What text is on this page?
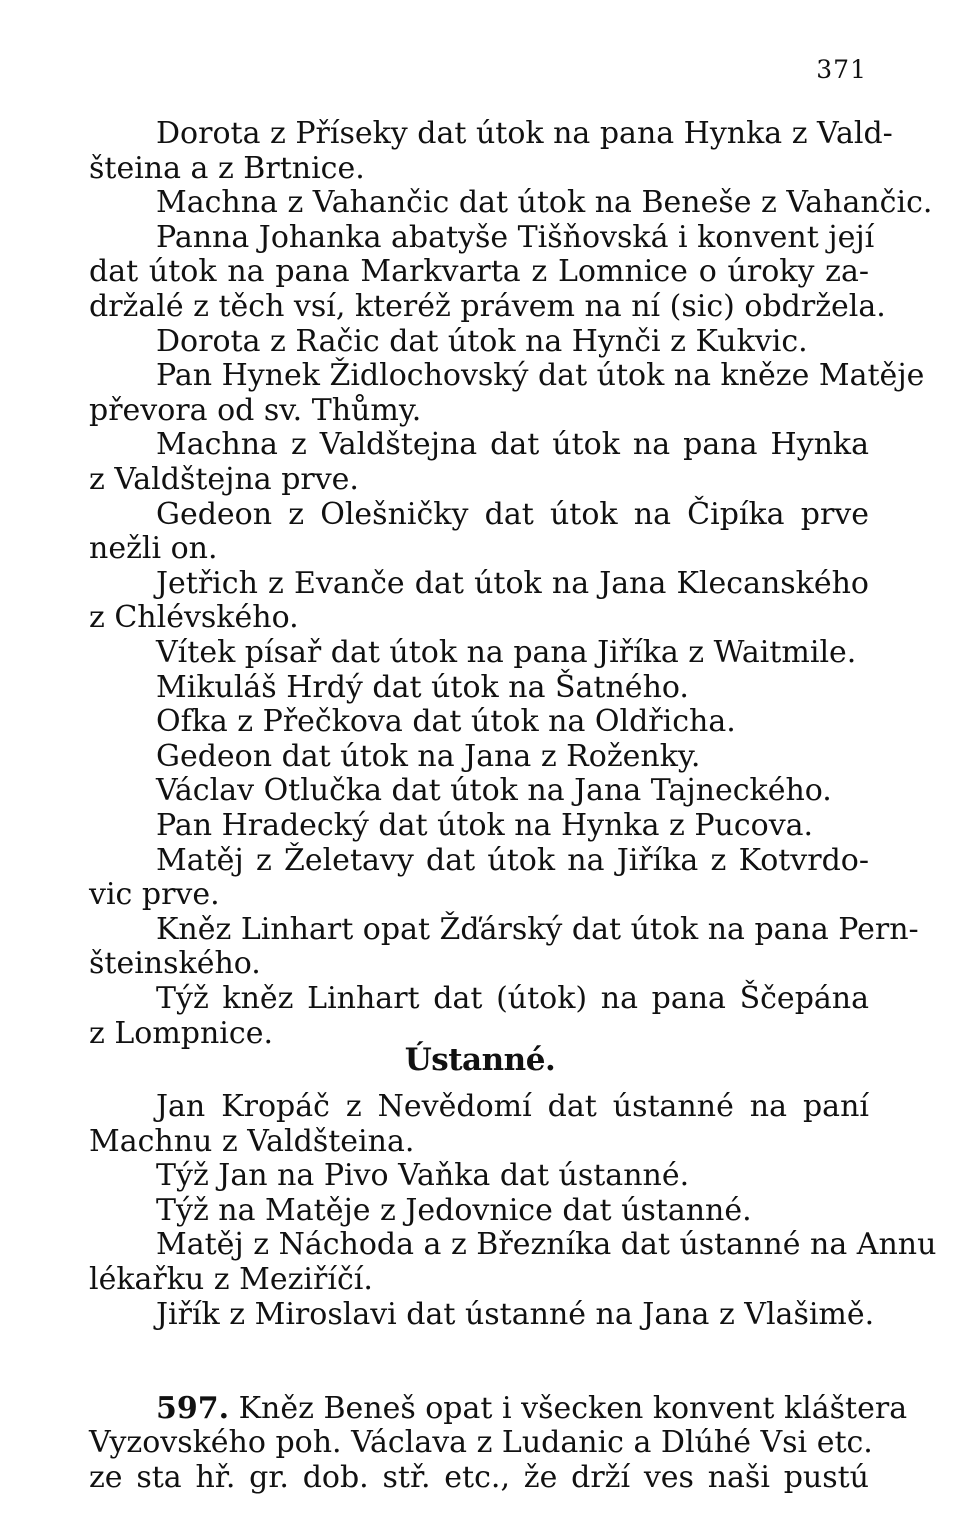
371
Dorota z Příseky dat útok na pana Hynka z Vald-
šteina a z Brtnice.
Machna z Vahančic dat útok na Beneše z Vahančic.
Panna Johanka abatyše Tišňovská i konvent její
dat útok na pana Markvarta z Lomnice o úroky za-
držalé z těch vsí, kteréž právem na ní (sic) obdržela.
Dorota z Račic dat útok na Hynči z Kukvic.
Pan Hynek Židlochovský dat útok na kněze Matěje
převora od sv. Thůmy.
Machna z Valdštejna dat útok na pana Hynka
z Valdštejna prve.
Gedeon z Olešničky dat útok na Čipíka prve
nežli on.
Jetřich z Evanče dat útok na Jana Klecanského
z Chlévského.
Vítek písař dat útok na pana Jiříka z Waitmile.
Mikuláš Hrdý dat útok na Šatného.
Ofka z Přečkova dat útok na Oldřicha.
Gedeon dat útok na Jana z Roženky.
Václav Otlučka dat útok na Jana Tajneckého.
Pan Hradecký dat útok na Hynka z Pucova.
Matěj z Želetavy dat útok na Jiříka z Kotvrdo-
vic prve.
Kněz Linhart opat Žďárský dat útok na pana Pern-
šteinského.
Týž kněz Linhart dat (útok) na pana Ščepána
z Lompnice.
Ústanné.
Jan Kropáč z Nevědomí dat ústanné na paní
Machnu z Valdšteina.
Týž Jan na Pivo Vaňka dat ústanné.
Týž na Matěje z Jedovnice dat ústanné.
Matěj z Náchoda a z Březníka dat ústanné na Annu
lékařku z Meziříčí.
Jiřík z Miroslavi dat ústanné na Jana z Vlašimě.
597. Kněz Beneš opat i všecken konvent kláštera
Vyzovského poh. Václava z Ludanic a Dlúhé Vsi etc.
ze sta hř. gr. dob. stř. etc., že drží ves naši pustú
